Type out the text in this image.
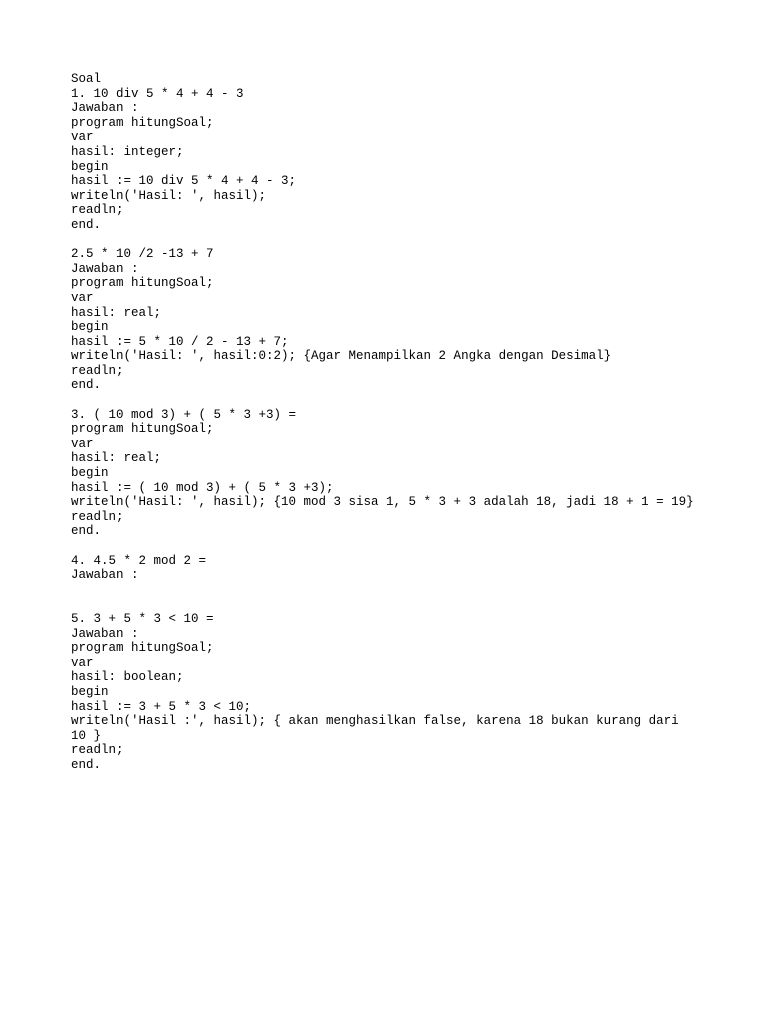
Soal
1. 10 div 5 * 4 + 4 - 3
Jawaban :
program hitungSoal;
var
hasil: integer;
begin
hasil := 10 div 5 * 4 + 4 - 3;
writeln('Hasil: ', hasil);
readln;
end.
2.5 * 10 /2 -13 + 7
Jawaban :
program hitungSoal;
var
hasil: real;
begin
hasil := 5 * 10 / 2 - 13 + 7;
writeln('Hasil: ', hasil:0:2); {Agar Menampilkan 2 Angka dengan Desimal}
readln;
end.
3. ( 10 mod 3) + ( 5 * 3 +3) =
program hitungSoal;
var
hasil: real;
begin
hasil := ( 10 mod 3) + ( 5 * 3 +3);
writeln('Hasil: ', hasil); {10 mod 3 sisa 1, 5 * 3 + 3 adalah 18, jadi 18 + 1 = 19}
readln;
end.
4. 4.5 * 2 mod 2 =
Jawaban :
5. 3 + 5 * 3 < 10 =
Jawaban :
program hitungSoal;
var
hasil: boolean;
begin
hasil := 3 + 5 * 3 < 10;
writeln('Hasil :', hasil); { akan menghasilkan false, karena 18 bukan kurang dari
10 }
readln;
end.
